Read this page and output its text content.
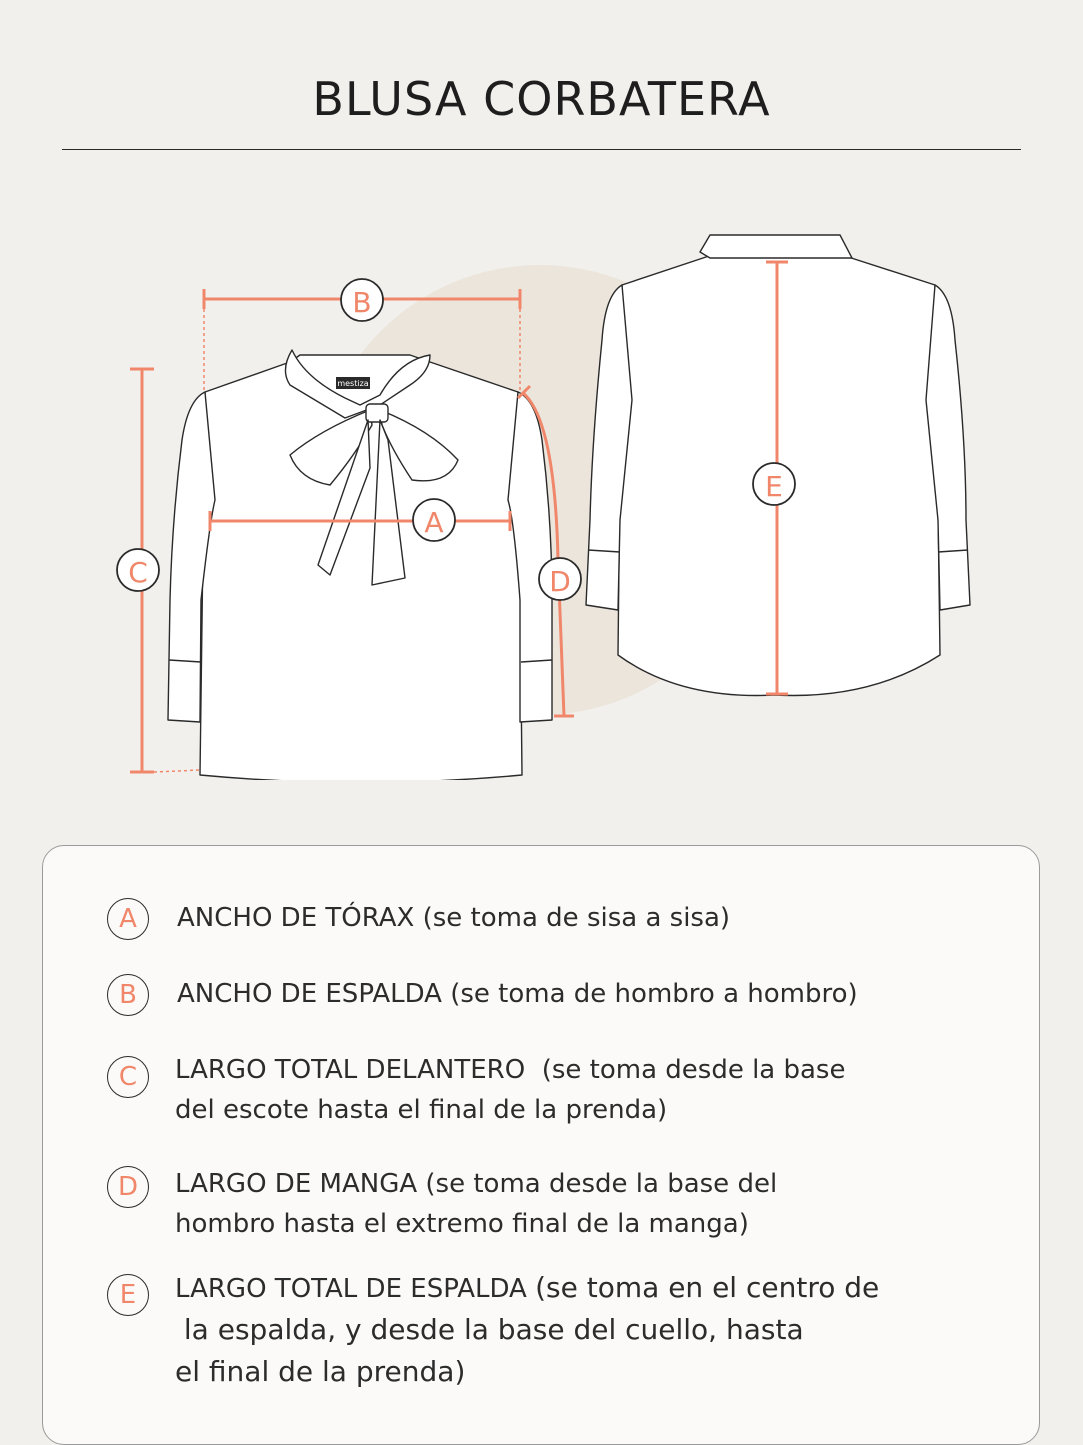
BLUSA CORBATERA
mestiza
B
A
C	D
E
A	ANCHO DE TÓRAX (se toma de sisa a sisa)
B	ANCHO DE ESPALDA (se toma de hombro a hombro)
C	LARGO TOTAL DELANTERO  (se toma desde la base
del escote hasta el final de la prenda)
D	LARGO DE MANGA (se toma desde la base del
hombro hasta el extremo final de la manga)
E	LARGO TOTAL DE ESPALDA (se toma en el centro de
la espalda, y desde la base del cuello, hasta
el final de la prenda)
